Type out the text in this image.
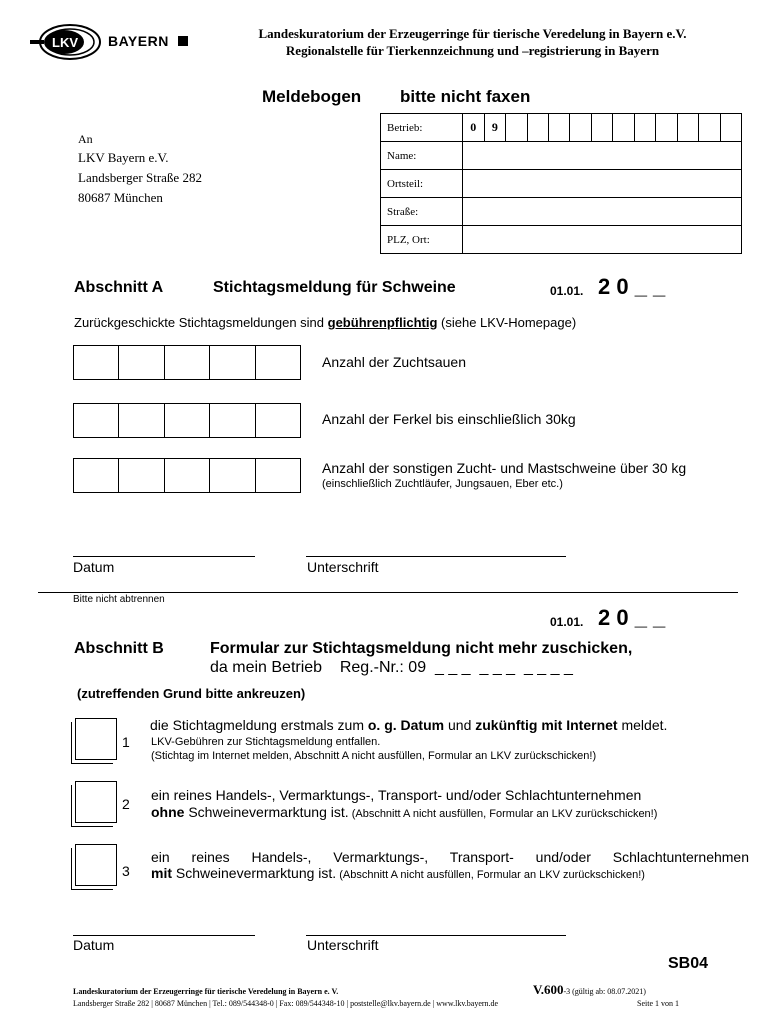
LKV BAYERN	Landeskuratorium der Erzeugerringe für tierische Veredelung in Bayern e.V.
Regionalstelle für Tierkennzeichnung und –registrierung in Bayern
Meldebogen bitte nicht faxen
An
LKV Bayern e.V.
Landsberger Straße 282
80687 München
Betrieb:	0	9											
Name:													
Ortsteil:													
Straße:													
PLZ, Ort:													
Abschnitt A	Stichtagsmeldung für Schweine	01.01. 2 0 _ _
Zurückgeschickte Stichtagsmeldungen sind gebührenpflichtig (siehe LKV-Homepage)
Anzahl der Zuchtsauen
Anzahl der Ferkel bis einschließlich 30kg
Anzahl der sonstigen Zucht- und Mastschweine über 30 kg
(einschließlich Zuchtläufer, Jungsauen, Eber etc.)
Datum	Unterschrift
Bitte nicht abtrennen
01.01. 2 0 _ _
Abschnitt B	Formular zur Stichtagsmeldung nicht mehr zuschicken,
da mein Betrieb    Reg.-Nr.: 09  _ _ _  _ _ _  _ _ _ _
(zutreffenden Grund bitte ankreuzen)
1
die Stichtagmeldung erstmals zum o. g. Datum und zukünftig mit Internet meldet.
LKV-Gebühren zur Stichtagsmeldung entfallen.
(Stichtag im Internet melden, Abschnitt A nicht ausfüllen, Formular an LKV zurückschicken!)
2
ein reines Handels-, Vermarktungs-, Transport- und/oder Schlachtunternehmen
ohne Schweinevermarktung ist. (Abschnitt A nicht ausfüllen, Formular an LKV zurückschicken!)
3
ein reines Handels-, Vermarktungs-, Transport- und/oder Schlachtunternehmen
mit Schweinevermarktung ist. (Abschnitt A nicht ausfüllen, Formular an LKV zurückschicken!)
Datum	Unterschrift
SB04
Landeskuratorium der Erzeugerringe für tierische Veredelung in Bayern e. V.
Landsberger Straße 282 | 80687 München | Tel.: 089/544348-0 | Fax: 089/544348-10 | poststelle@lkv.bayern.de | www.lkv.bayern.de
V.600-3 (gültig ab: 08.07.2021)
Seite 1 von 1
